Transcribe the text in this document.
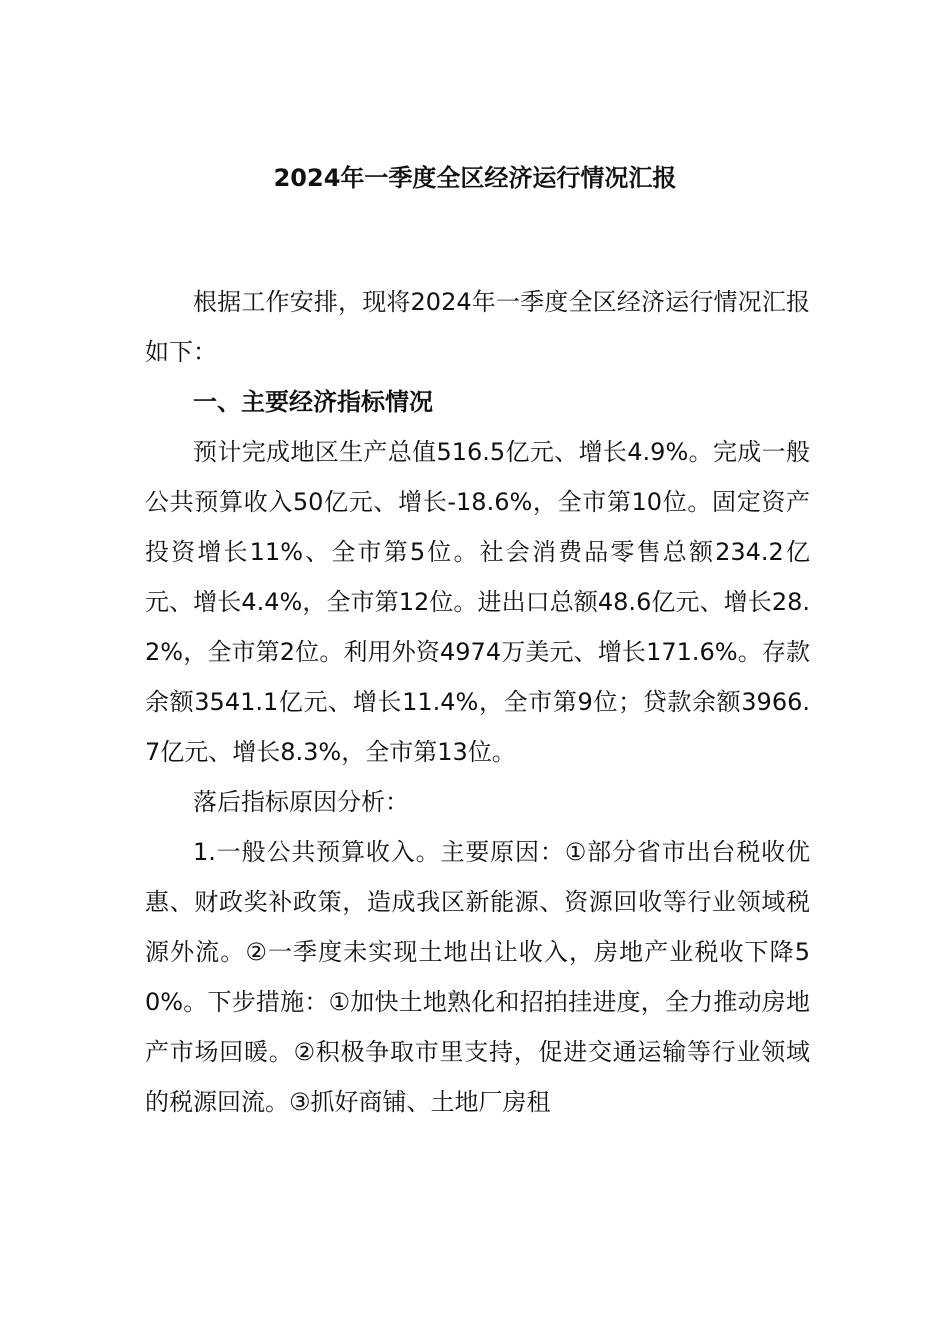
2024年一季度全区经济运行情况汇报

根据工作安排，现将2024年一季度全区经济运行情况汇报如下：

一、主要经济指标情况

预计完成地区生产总值516.5亿元、增长4.9%。完成一般公共预算收入50亿元、增长-18.6%，全市第10位。固定资产投资增长11%、全市第5位。社会消费品零售总额234.2亿元、增长4.4%，全市第12位。进出口总额48.6亿元、增长28.2%，全市第2位。利用外资4974万美元、增长171.6%。存款余额3541.1亿元、增长11.4%，全市第9位；贷款余额3966.7亿元、增长8.3%，全市第13位。

落后指标原因分析：

1.一般公共预算收入。主要原因：①部分省市出台税收优惠、财政奖补政策，造成我区新能源、资源回收等行业领域税源外流。②一季度未实现土地出让收入，房地产业税收下降50%。下步措施：①加快土地熟化和招拍挂进度，全力推动房地产市场回暖。②积极争取市里支持，促进交通运输等行业领域的税源回流。③抓好商铺、土地厂房租
